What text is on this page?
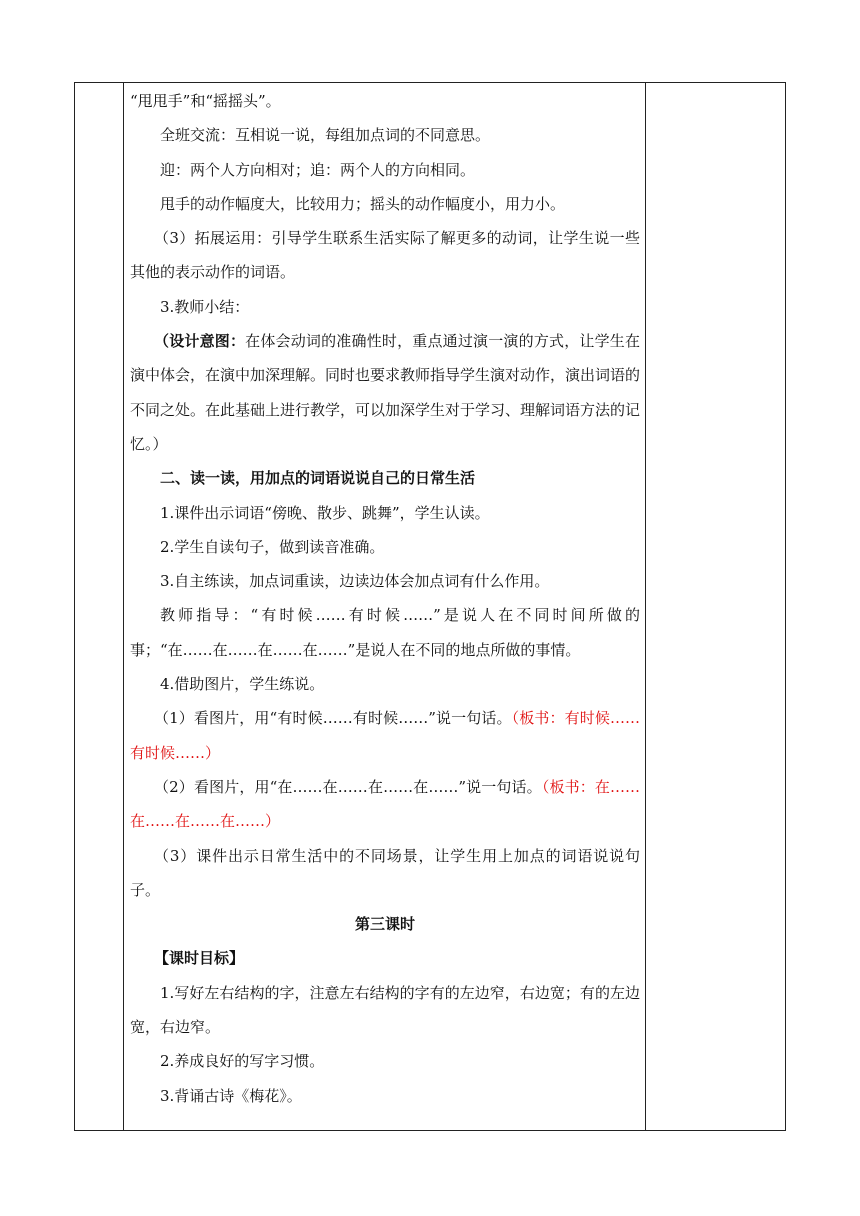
“甩甩手”和“摇摇头”。

全班交流：互相说一说，每组加点词的不同意思。

迎：两个人方向相对；追：两个人的方向相同。

甩手的动作幅度大，比较用力；摇头的动作幅度小，用力小。

（3）拓展运用：引导学生联系生活实际了解更多的动词，让学生说一些其他的表示动作的词语。

3.教师小结：

（设计意图：在体会动词的准确性时，重点通过演一演的方式，让学生在演中体会，在演中加深理解。同时也要求教师指导学生演对动作，演出词语的不同之处。在此基础上进行教学，可以加深学生对于学习、理解词语方法的记忆。）

二、读一读，用加点的词语说说自己的日常生活

1.课件出示词语“傍晚、散步、跳舞”，学生认读。

2.学生自读句子，做到读音准确。

3.自主练读，加点词重读，边读边体会加点词有什么作用。

教师指导：“有时候……有时候……”是说人在不同时间所做的事；“在……在……在……在……”是说人在不同的地点所做的事情。

4.借助图片，学生练说。

（1）看图片，用“有时候……有时候……”说一句话。（板书：有时候……有时候……）

（2）看图片，用“在……在……在……在……”说一句话。（板书：在……在……在……在……）

（3）课件出示日常生活中的不同场景，让学生用上加点的词语说说句子。

第三课时

【课时目标】

1.写好左右结构的字，注意左右结构的字有的左边窄，右边宽；有的左边宽，右边窄。

2.养成良好的写字习惯。

3.背诵古诗《梅花》。
